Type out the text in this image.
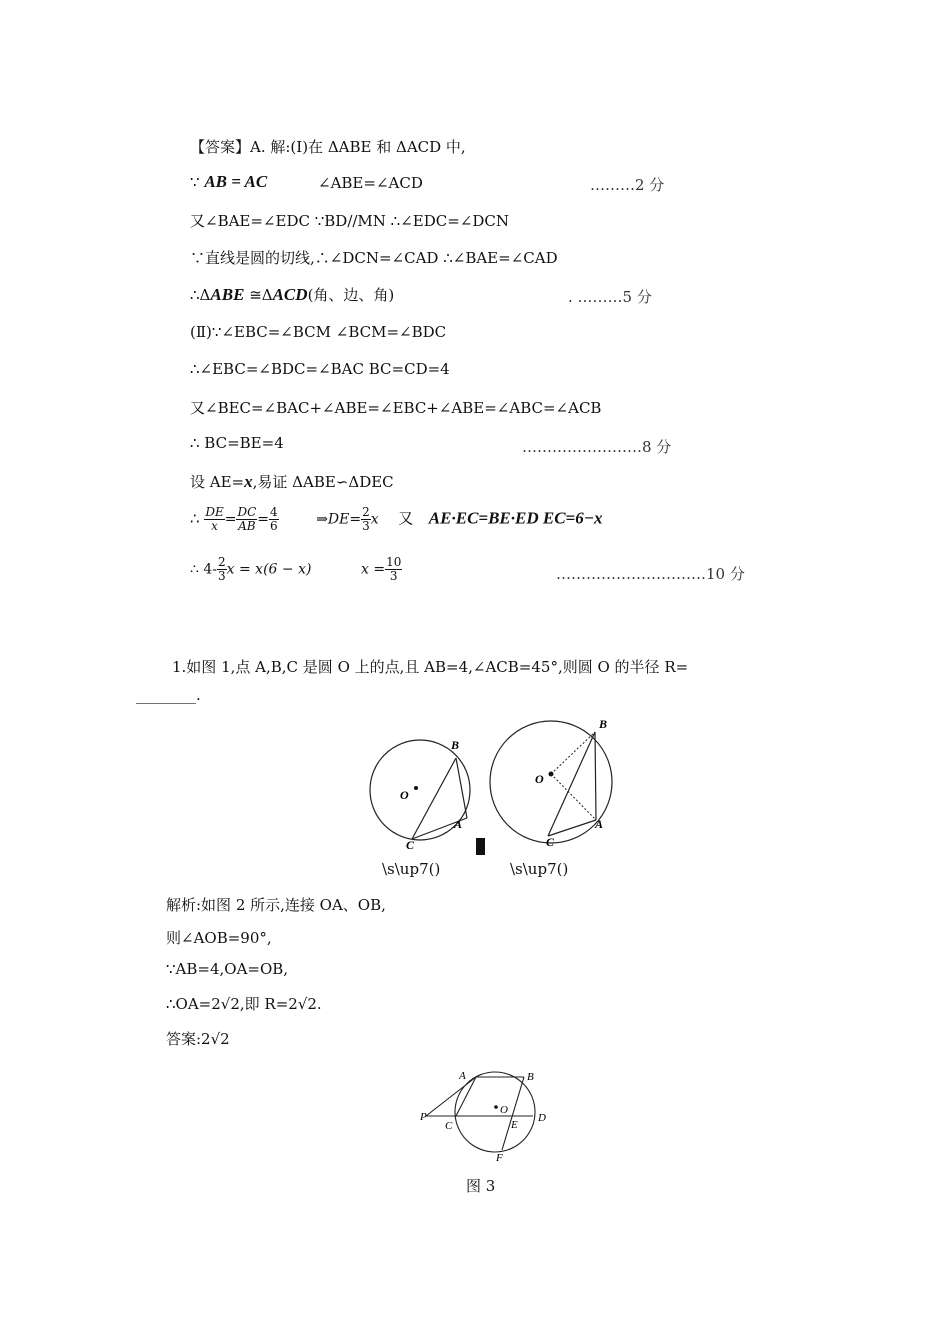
【答案】A. 解:(Ⅰ)在 ΔABE 和 ΔACD 中,
∵ AB = AC	∠ABE=∠ACD	………2 分
又∠BAE=∠EDC ∵BD//MN ∴∠EDC=∠DCN
∵直线是圆的切线,∴∠DCN=∠CAD ∴∠BAE=∠CAD
∴ΔABE ≅ΔACD(角、边、角)	. ………5 分
(Ⅱ)∵∠EBC=∠BCM ∠BCM=∠BDC
∴∠EBC=∠BDC=∠BAC BC=CD=4
又∠BEC=∠BAC+∠ABE=∠EBC+∠ABE=∠ABC=∠ACB
∴ BC=BE=4	……………………8 分
设 AE=x,易证 ΔABE∽ΔDEC
∴ $\frac{DE}{x} = \frac{DC}{AB} = \frac{4}{6}$	⇒DE= $\frac{2}{3}$ x 又 AE·EC=BE·ED EC=6−x
∴ $4- \frac{2}{3}$ x = x(6 − x)	$x = \frac{10}{3}$	…………………………10 分
1.如图 1,点 A,B,C 是圆 O 上的点,且 AB=4,∠ACB=45°,则圆 O 的半径 R=
________.
O
B
A
C
O
B
A
C
\s\up7()	\s\up7()
解析:如图 2 所示,连接 OA、OB,
则∠AOB=90°,
∵AB=4,OA=OB,
∴OA=2√2,即 R=2√2.
答案:2√2
A	B
O
D
P
C	E
F
图 3
